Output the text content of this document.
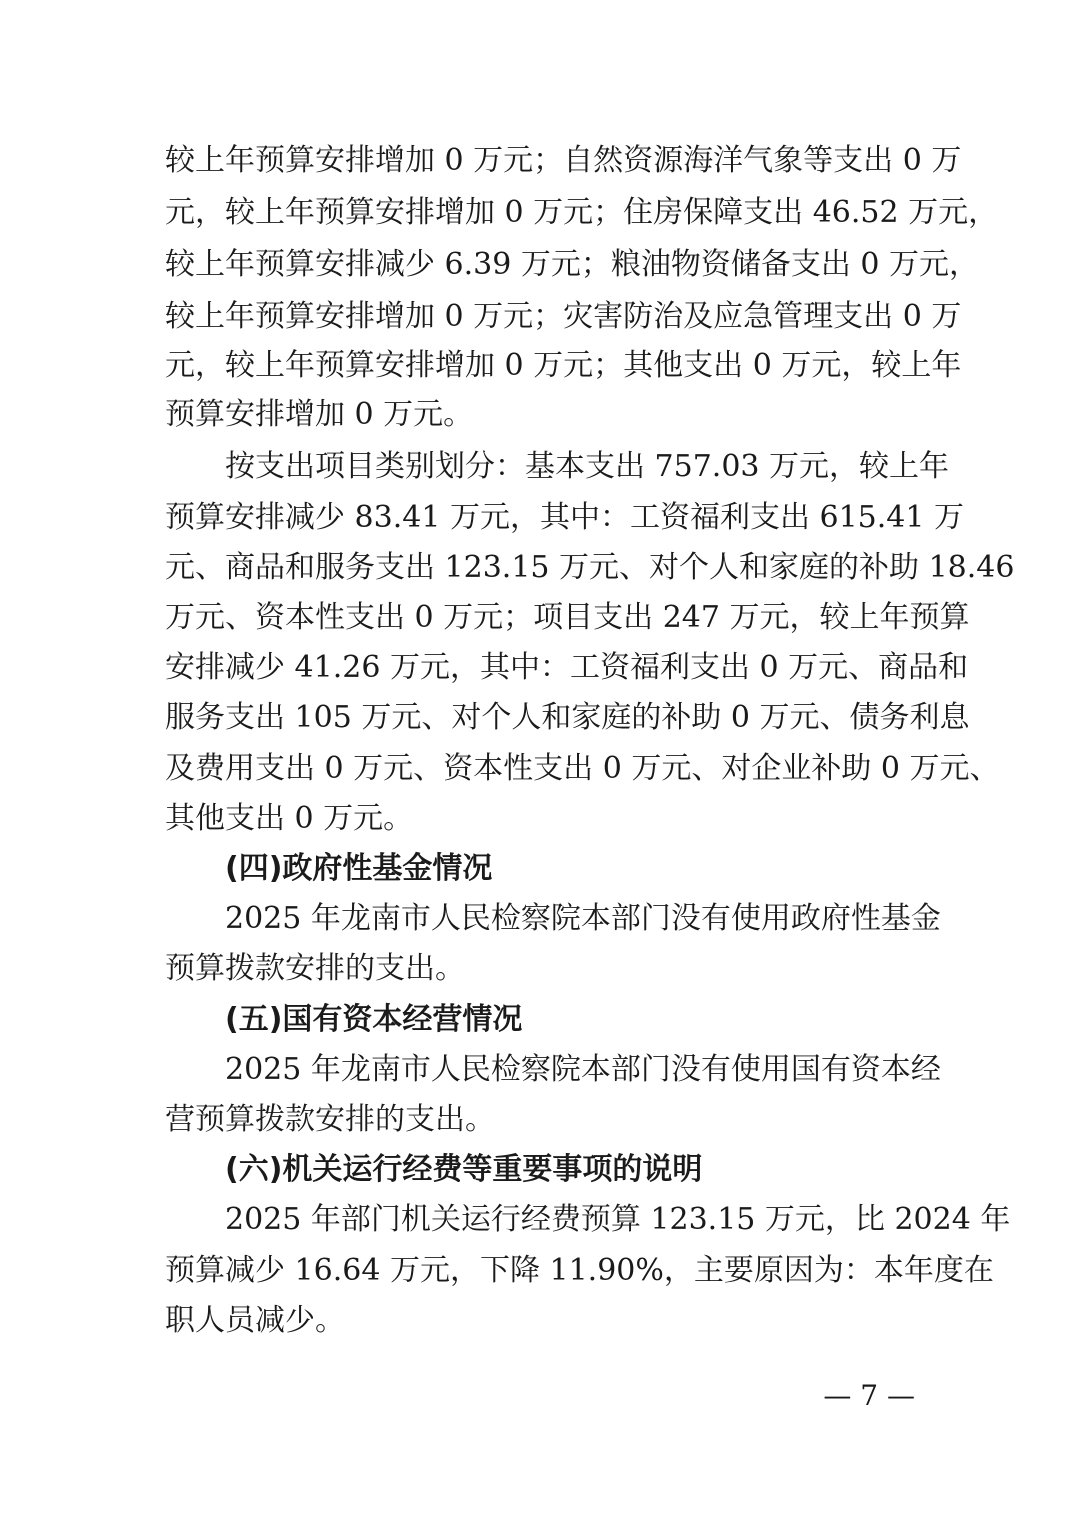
较上年预算安排增加 0 万元；自然资源海洋气象等支出 0 万
元，较上年预算安排增加 0 万元；住房保障支出 46.52 万元，
较上年预算安排减少 6.39 万元；粮油物资储备支出 0 万元，
较上年预算安排增加 0 万元；灾害防治及应急管理支出 0 万
元，较上年预算安排增加 0 万元；其他支出 0 万元，较上年
预算安排增加 0 万元。
按支出项目类别划分：基本支出 757.03 万元，较上年
预算安排减少 83.41 万元，其中：工资福利支出 615.41 万
元、商品和服务支出 123.15 万元、对个人和家庭的补助 18.46
万元、资本性支出 0 万元；项目支出 247 万元，较上年预算
安排减少 41.26 万元，其中：工资福利支出 0 万元、商品和
服务支出 105 万元、对个人和家庭的补助 0 万元、债务利息
及费用支出 0 万元、资本性支出 0 万元、对企业补助 0 万元、
其他支出 0 万元。
(四)政府性基金情况
2025 年龙南市人民检察院本部门没有使用政府性基金
预算拨款安排的支出。
(五)国有资本经营情况
2025 年龙南市人民检察院本部门没有使用国有资本经
营预算拨款安排的支出。
(六)机关运行经费等重要事项的说明
2025 年部门机关运行经费预算 123.15 万元，比 2024 年
预算减少 16.64 万元，下降 11.90%，主要原因为：本年度在
职人员减少。
— 7 —
